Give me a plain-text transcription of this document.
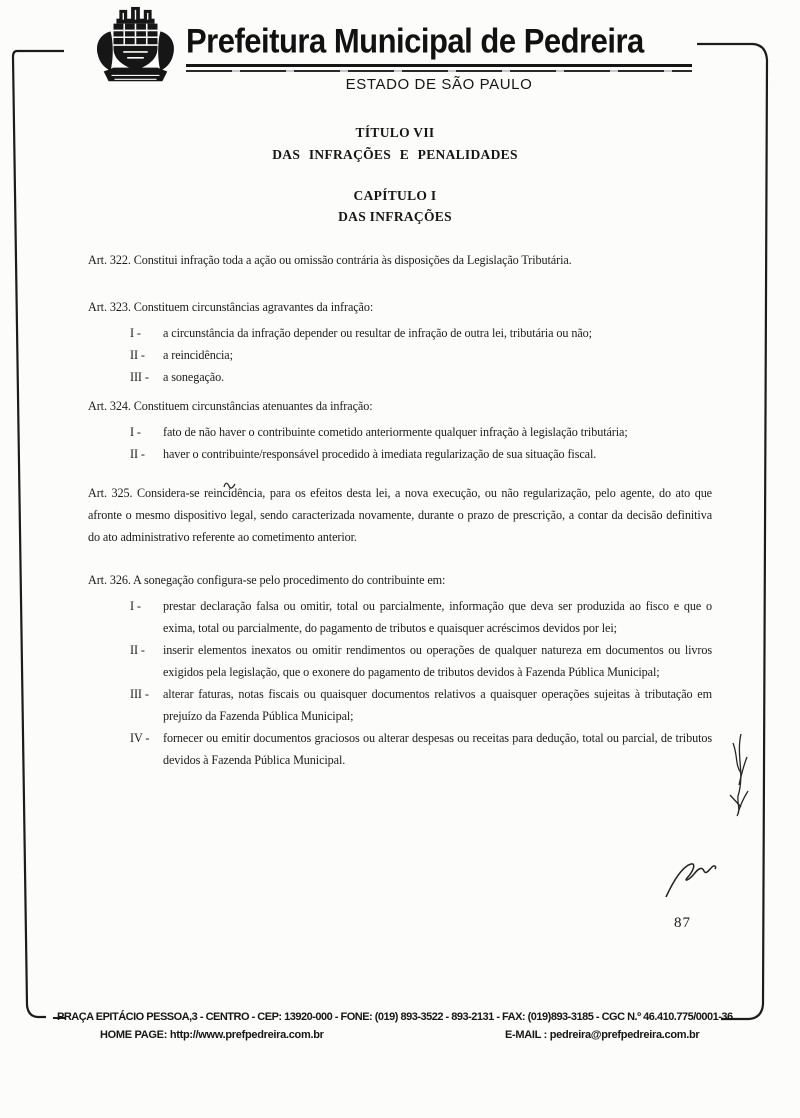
Prefeitura Municipal de Pedreira
ESTADO DE SÃO PAULO
TÍTULO VII
DAS INFRAÇÕES E PENALIDADES
CAPÍTULO I
DAS INFRAÇÕES

Art. 322. Constitui infração toda a ação ou omissão contrária às disposições da Legislação Tributária.

Art. 323. Constituem circunstâncias agravantes da infração:

I -	a circunstância da infração depender ou resultar de infração de outra lei, tributária ou não;
II -	a reincidência;
III -	a sonegação.

Art. 324. Constituem circunstâncias atenuantes da infração:

I -	fato de não haver o contribuinte cometido anteriormente qualquer infração à legislação tributária;
II -	haver o contribuinte/responsável procedido à imediata regularização de sua situação fiscal.

Art. 325. Considera-se reincidência, para os efeitos desta lei, a nova execução, ou não regularização, pelo agente, do ato que afronte o mesmo dispositivo legal, sendo caracterizada novamente, durante o prazo de prescrição, a contar da decisão definitiva do ato administrativo referente ao cometimento anterior.

Art. 326. A sonegação configura-se pelo procedimento do contribuinte em:

I -	prestar declaração falsa ou omitir, total ou parcialmente, informação que deva ser produzida ao fisco e que o exima, total ou parcialmente, do pagamento de tributos e quaisquer acréscimos devidos por lei;
II -	inserir elementos inexatos ou omitir rendimentos ou operações de qualquer natureza em documentos ou livros exigidos pela legislação, que o exonere do pagamento de tributos devidos à Fazenda Pública Municipal;
III -	alterar faturas, notas fiscais ou quaisquer documentos relativos a quaisquer operações sujeitas à tributação em prejuízo da Fazenda Pública Municipal;
IV -	fornecer ou emitir documentos graciosos ou alterar despesas ou receitas para dedução, total ou parcial, de tributos devidos à Fazenda Pública Municipal.
87
PRAÇA EPITÁCIO PESSOA,3 - CENTRO - CEP: 13920-000 - FONE: (019) 893-3522 - 893-2131 - FAX: (019)893-3185 - CGC N.º 46.410.775/0001-36
HOME PAGE: http://www.prefpedreira.com.br	E-MAIL : pedreira@prefpedreira.com.br
